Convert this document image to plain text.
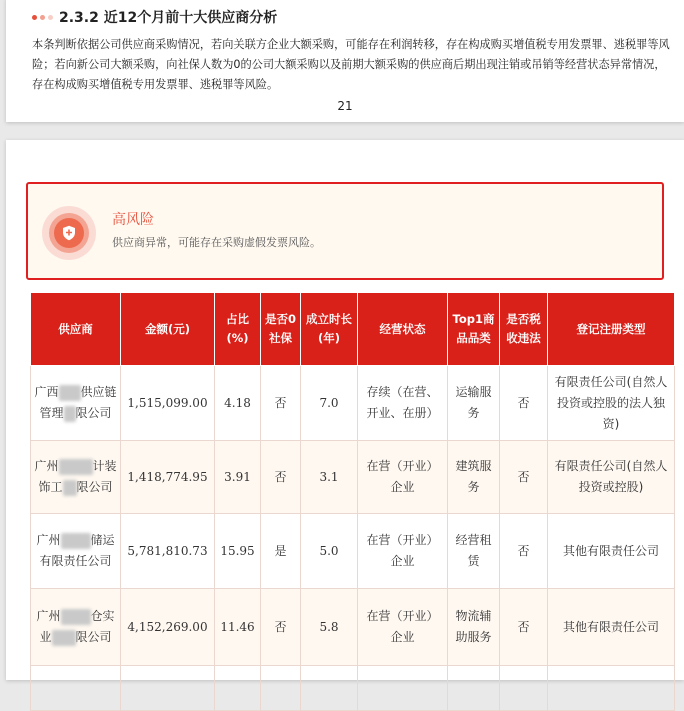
2.3.2 近12个月前十大供应商分析
本条判断依据公司供应商采购情况，若向关联方企业大额采购，可能存在利润转移，存在构成购买增值税专用发票罪、逃税罪等风险；若向新公司大额采购，向社保人数为0的公司大额采购以及前期大额采购的供应商后期出现注销或吊销等经营状态异常情况，存在构成购买增值税专用发票罪、逃税罪等风险。
21
高风险
供应商异常，可能存在采购虚假发票风险。
供应商	金额(元)	占比(%)	是否0社保	成立时长(年)	经营状态	Top1商品品类	是否税收违法	登记注册类型
广西 供应链管理 限公司	1,515,099.00	4.18	否	7.0	存续（在营、开业、在册）	运输服务	否	有限责任公司(自然人投资或控股的法人独资)
广州 计装饰工 限公司	1,418,774.95	3.91	否	3.1	在营（开业）企业	建筑服务	否	有限责任公司(自然人投资或控股)
广州 储运有限责任公司	5,781,810.73	15.95	是	5.0	在营（开业）企业	经营租赁	否	其他有限责任公司
广州 仓实业 限公司	4,152,269.00	11.46	否	5.8	在营（开业）企业	物流辅助服务	否	其他有限责任公司
